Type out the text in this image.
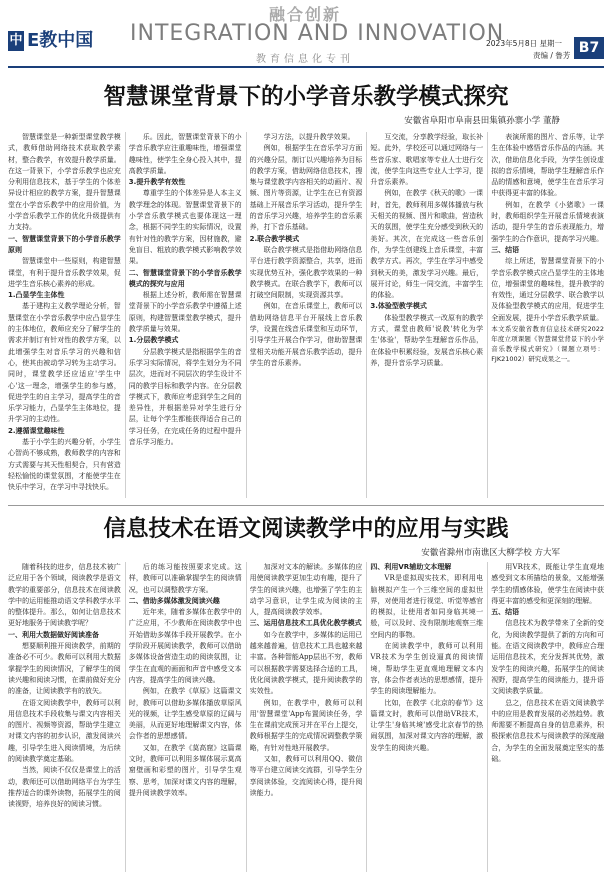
中 E教中国
融合创新
INTEGRATION AND INNOVATION
教育信息化专刊
2023年5月8日 星期一
责编 / 鲁芳 B7
智慧课堂背景下的小学音乐教学模式探究
安徽省阜阳市阜南县田集镇孙寨小学 董静

智慧课堂是一种新型课堂教学模式，教师借助网络技术获取教学素材，整合教学，有效提升教学质量。在这一背景下，小学音乐教学也应充分利用信息技术，基于学生的个体差异设计相应的教学方案，提升智慧课堂在小学音乐教学中的应用价值，为小学音乐教学工作的优化升级提供有力支持。

一、智慧课堂背景下的小学音乐教学原则

智慧课堂中一些原则，构建智慧课堂，有利于提升音乐教学效果，促进学生音乐核心素养的形成。

1.凸显学生主体性

基于建构主义教学理论分析，智慧课堂在小学音乐教学中应凸显学生的主体地位，教师应充分了解学生的需求并制订有针对性的教学方案，以此增强学生对音乐学习的兴趣和信心，使其由被动学习转为主动学习。同时，课堂教学还应适应'学生中心'这一理念，增强学生的参与感，促进学生的自主学习，提高学生的音乐学习能力，凸显学生主体地位，提升学习的主动性。

2.遵循课堂趣味性

基于小学生的兴趣分析，小学生心智尚不够成熟，教师教学的内容和方式需要与其天性相契合，只有营造轻松愉悦的课堂氛围，才能使学生在快乐中学习，在学习中寻找快乐。

乐。因此，智慧课堂背景下的小学音乐教学应注重趣味性，增强课堂趣味性，使学生全身心投入其中，提高教学质量。

3.提升教学有效性

尊重学生的个体差异是人本主义教学理念的体现。智慧课堂背景下的小学音乐教学模式也要体现这一理念，根据不同学生的实际情况，设置有针对性的教学方案，因材施教，避免盲目、粗放的教学模式影响教学效果。

二、智慧课堂背景下的小学音乐教学模式的探究与应用

根据上述分析，教师需在智慧课堂背景下的小学音乐教学中遵循上述原则，构建智慧课堂教学模式，提升教学质量与效果。

1.分层教学模式

分层教学模式是指根据学生的音乐学习实际情况，将学生划分为不同层次，进而对不同层次的学生设计不同的教学目标和教学内容。在分层教学模式下，教师应考虑到学生之间的差异性，并根据差异对学生进行分层，让每个学生都能获得适合自己的学习任务，在完成任务的过程中提升音乐学习能力。

学习方法，以提升教学效果。

例如，根据学生在音乐学习方面的兴趣分层，制订以兴趣培养为目标的教学方案，借助网络信息技术，搜集与课堂教学内容相关的动画片、视频、图片等资源，让学生在已有资源基础上开展音乐学习活动，提升学生的音乐学习兴趣，培养学生的音乐素养，打下音乐基础。

2.联合教学模式

联合教学模式是指借助网络信息平台进行教学资源整合，共享，进而实现优势互补，强化教学效果的一种教学模式。在联合教学下，教师可以打破空间限制，实现资源共享。

例如，在音乐课堂上，教师可以借助网络信息平台开展线上音乐教学，设置在线音乐课堂和互动环节，引导学生开展合作学习，借助智慧课堂相关功能开展音乐教学活动，提升学生的音乐素养。

互交流，分享教学经验，取长补短。此外，学校还可以通过网络与一些音乐家、歌唱家等专业人士进行交流，使学生向这些专业人士学习，提升音乐素养。

例如，在教学《秋天的歌》一课时，首先，教师利用多媒体播放与秋天相关的视频、图片和歌曲，营造秋天的氛围，使学生充分感受到秋天的美好。其次，在完成这一些音乐创作，为学生创建线上音乐课堂，丰富教学方式。再次，学生在学习中感受到秋天的美，激发学习兴趣。最后，展开讨论，师生一同交流，丰富学生的体验。

3.体验型教学模式

体验型教学模式一改原有的教学方式，课堂由教师'说教'转化为学生'体验'，帮助学生理解音乐作品，在体验中积累经验，发展音乐核心素养，提升音乐学习质量。

表演所需的图片、音乐等，让学生在体验中感悟音乐作品的内涵。其次，借助信息化手段，为学生创设虚拟的音乐情境，帮助学生理解音乐作品的情感和意境，使学生在音乐学习中获得更丰富的体验。

例如，在教学《小猪歌》一课时，教师组织学生开展音乐情境表演活动，提升学生的音乐表现能力，增强学生的合作意识，提高学习兴趣。

三、结语

综上所述，智慧课堂背景下的小学音乐教学模式应凸显学生的主体地位，增强课堂的趣味性，提升教学的有效性，通过分层教学、联合教学以及体验型教学模式的应用，促进学生全面发展，提升小学音乐教学质量。

本文系安徽省教育信息技术研究2022年度立项课题《智慧课堂背景下的小学音乐教学模式研究》（课题立项号：FJK21002）研究成果之一。

信息技术在语文阅读教学中的应用与实践
安徽省滁州市南谯区大柳学校 方大军

随着科技的进步，信息技术被广泛应用于各个领域，阅读教学是语文教学的重要部分，信息技术在阅读教学中的运用能推动语文学科教学水平的整体提升。那么，如何让信息技术更好地服务于阅读教学呢？

一、利用大数据做好阅读准备

想要顺利推开阅读教学，前期的准备必不可少。教师可以利用大数据掌握学生的阅读情况，了解学生的阅读兴趣和阅读习惯，在课前做好充分的准备，让阅读教学有的放矢。

在语文阅读教学中，教师可以利用信息技术手段收集与课文内容相关的图片、视频等资源，帮助学生建立对课文内容的初步认识，激发阅读兴趣，引导学生进入阅读情境，为后续的阅读教学奠定基础。

当然，阅读不仅仅是课堂上的活动，教师还可以借助网络平台为学生推荐适合的课外读物，拓展学生的阅读视野，培养良好的阅读习惯。

后的练习能按照要求完成。这样，教师可以准确掌握学生的阅读情况，也可以调整教学方案。

二、借助多媒体激发阅读兴趣

近年来，随着多媒体在教学中的广泛应用，不少教师在阅读教学中也开始借助多媒体手段开展教学。在小学阶段开展阅读教学，教师可以借助多媒体设备营造生动的阅读氛围，让学生在直观的画面和声音中感受文本内容，提高学生的阅读兴趣。

例如，在教学《草原》这篇课文时，教师可以借助多媒体播放草原风光的视频，让学生感受草原的辽阔与美丽，从而更好地理解课文内容，体会作者的思想感情。

又如，在教学《莫高窟》这篇课文时，教师可以利用多媒体展示莫高窟壁画和彩塑的图片，引导学生观察、思考，加深对课文内容的理解，提升阅读教学效率。

加深对文本的解读。多媒体的应用使阅读教学更加生动有趣，提升了学生的阅读兴趣，也增强了学生的主动学习意识，让学生成为阅读的主人，提高阅读教学效率。

三、运用信息技术工具优化教学模式

如今在教学中，多媒体的运用已越来越普遍，信息技术工具也越来越丰富。各种智能App层出不穷，教师可以根据教学需要选择合适的工具，优化阅读教学模式，提升阅读教学的实效性。

例如，在教学中，教师可以利用'智慧课堂'App布置阅读任务，学生在课前完成预习并在平台上提交，教师根据学生的完成情况调整教学策略，有针对性地开展教学。

又如，教师可以利用QQ、微信等平台建立阅读交流群，引导学生分享阅读体验，交流阅读心得，提升阅读能力。

四、利用VR辅助文本理解

VR是虚拟现实技术，即利用电脑模拟产生一个三维空间的虚拟世界，对使用者进行视觉、听觉等感官的模拟，让使用者如同身临其境一般，可以及时、没有限制地观察三维空间内的事物。

在阅读教学中，教师可以利用VR技术为学生创设逼真的阅读情境，帮助学生更直观地理解文本内容，体会作者表达的思想感情，提升学生的阅读理解能力。

比如，在教学《北京的春节》这篇课文时，教师可以借助VR技术，让学生'身临其境'感受北京春节的热闹氛围，加深对课文内容的理解，激发学生的阅读兴趣。

用VR技术，既能让学生直观地感受到文本所描绘的景象，又能增强学生的情感体验，使学生在阅读中获得更丰富的感受和更深刻的理解。

五、结语

信息技术为教学带来了全新的变化，为阅读教学提供了新的方向和可能。在语文阅读教学中，教师应合理运用信息技术，充分发挥其优势，激发学生的阅读兴趣，拓展学生的阅读视野，提高学生的阅读能力，提升语文阅读教学质量。

总之，信息技术在语文阅读教学中的应用是教育发展的必然趋势。教师需要不断提高自身的信息素养，积极探索信息技术与阅读教学的深度融合，为学生的全面发展奠定坚实的基础。
